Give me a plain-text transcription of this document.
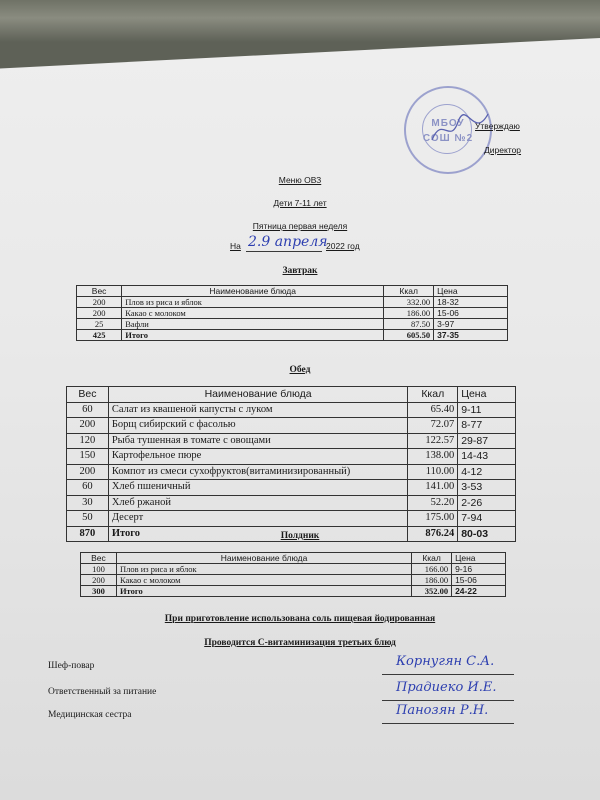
МБОУ
СОШ №2
Утверждаю
Директор
Меню ОВЗ
Дети 7-11 лет
Пятница первая неделя
На 2.9 апреля
2022 год
Завтрак
Вес	Наименование блюда	Ккал	Цена
200	Плов из риса и яблок	332.00	18-32
200	Какао с молоком	186.00	15-06
25	Вафли	87.50	3-97
425	Итого	605.50	37-35
Обед
Вес	Наименование блюда	Ккал	Цена
60	Салат из квашеной капусты с луком	65.40	9-11
200	Борщ сибирский с фасолью	72.07	8-77
120	Рыба тушенная в томате с овощами	122.57	29-87
150	Картофельное пюре	138.00	14-43
200	Компот из смеси сухофруктов(витаминизированный)	110.00	4-12
60	Хлеб пшеничный	141.00	3-53
30	Хлеб ржаной	52.20	2-26
50	Десерт	175.00	7-94
870	Итого	876.24	80-03
Полдник
Вес	Наименование блюда	Ккал	Цена
100	Плов из риса и яблок	166.00	9-16
200	Какао с молоком	186.00	15-06
300	Итого	352.00	24-22
При приготовление использована соль пищевая йодированная
Проводится С-витаминизация третьих блюд
Шеф-повар	Корнугян С.А.
Ответственный за питание	Прадиеко И.Е.
Медицинская сестра	Панозян Р.Н.
